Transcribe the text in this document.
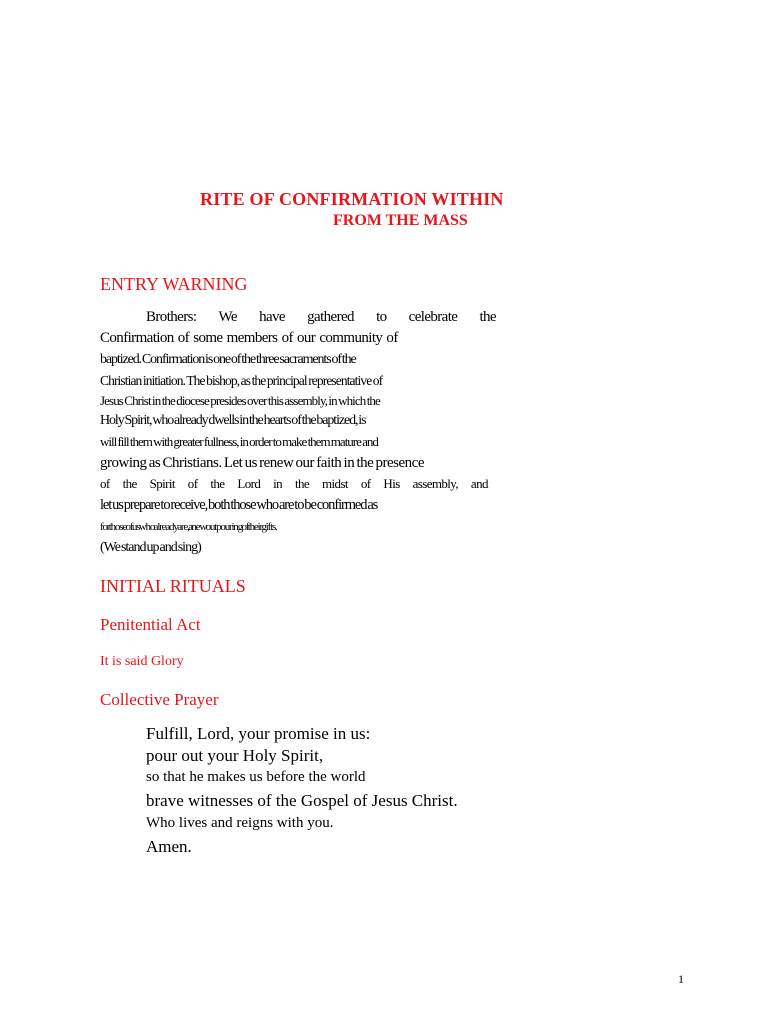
RITE OF CONFIRMATION WITHIN
FROM THE MASS
ENTRY WARNING
Brothers: We have gathered to celebrate the
Confirmation of some members of our community of
baptized. Confirmation is one of the three sacraments of the
Christian initiation. The bishop, as the principal representative of
Jesus Christ in the diocese presides over this assembly, in which the
Holy Spirit, who already dwells in the hearts of the baptized, is
will fill them with greater fullness, in order to make them mature and
growing as Christians. Let us renew our faith in the presence
of the Spirit of the Lord in the midst of His assembly, and
let us prepare to receive, both those who are to be confirmed as
for those of us who already are, a new outpouring of their gifts.
(We stand up and sing)
INITIAL RITUALS
Penitential Act
It is said Glory
Collective Prayer
Fulfill, Lord, your promise in us:
pour out your Holy Spirit,
so that he makes us before the world
brave witnesses of the Gospel of Jesus Christ.
Who lives and reigns with you.
Amen.
1
